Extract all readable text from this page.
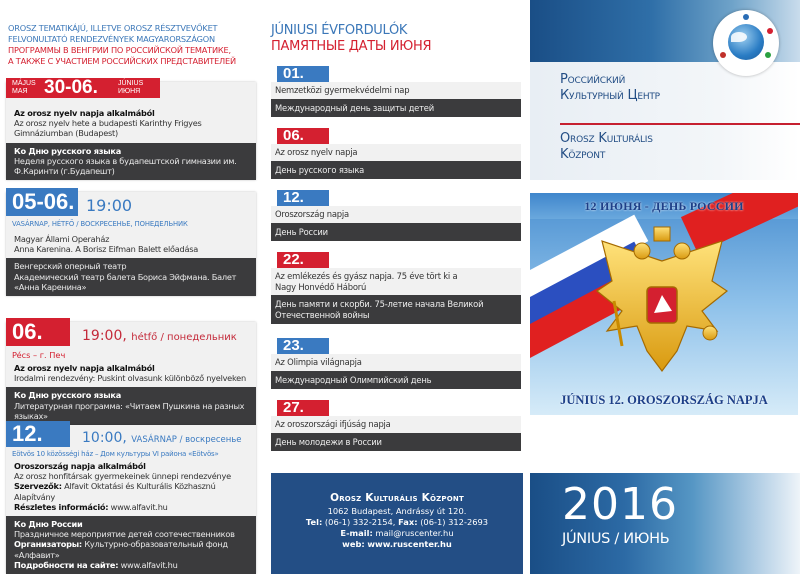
OROSZ TEMATIKÁJÚ, ILLETVE OROSZ RÉSZTVEVŐKET
FELVONULTATÓ RENDEZVÉNYEK MAGYARORSZÁGON
ПРОГРАММЫ В ВЕНГРИИ ПО РОССИЙСКОЙ ТЕМАТИКЕ,
А ТАКЖЕ С УЧАСТИЕМ РОССИЙСКИХ ПРЕДСТАВИТЕЛЕЙ
MÁJUS
МАЯ 30-06.	JÚNIUS
ИЮНЯ
Az orosz nyelv napja alkalmából
Az orosz nyelv hete a budapesti Karinthy Frigyes Gimnáziumban (Budapest)
Ко Дню русского языка
Неделя русского языка в будапештской гимназии им. Ф.Каринти (г.Будапешт)
05-06. 19:00
VASÁRNAP, HÉTFŐ / ВОСКРЕСЕНЬЕ, ПОНЕДЕЛЬНИК
Magyar Állami Operaház
Anna Karenina. A Borisz Eifman Balett előadása
Венгерский оперный театр
Академический театр балета Бориса Эйфмана. Балет «Анна Каренина»
06.	19:00, hétfő / понедельник
Pécs – г. Печ
Az orosz nyelv napja alkalmából
Irodalmi rendezvény: Puskint olvasunk különböző nyelveken
Ко Дню русского языка
Литературная программа: «Читаем Пушкина на разных языках»
12.	10:00, VASÁRNAP / воскресенье
Eötvös 10 közösségi ház – Дом культуры VI района «Eötvös»
Oroszország napja alkalmából
Az orosz honfitársak gyermekeinek ünnepi rendezvénye
Szervezők: Alfavit Oktatási és Kulturális Közhasznú Alapítvány
Részletes információ: www.alfavit.hu
Ко Дню России
Праздничное мероприятие детей соотечественников
Организаторы: Культурно-образовательный фонд «Алфавит»
Подробности на сайте: www.alfavit.hu
JÚNIUSI ÉVFORDULÓK
ПАМЯТНЫЕ ДАТЫ ИЮНЯ
01.
Nemzetközi gyermekvédelmi nap
Международный день защиты детей
06.
Az orosz nyelv napja
День русского языка
12.
Oroszország napja
День России
22.
Az emlékezés és gyász napja. 75 éve tört ki a Nagy Honvédő Háború
День памяти и скорби. 75-летие начала Великой Отечественной войны
23.
Az Olimpia világnapja
Международный Олимпийский день
27.
Az oroszországi ifjúság napja
День молодежи в России
Orosz Kulturális Központ
1062 Budapest, Andrássy út 120.
Tel: (06-1) 332-2154, Fax: (06-1) 312-2693
E-mail: mail@ruscenter.hu
web: www.ruscenter.hu
Российский
Культурный Центр
Orosz Kulturális
Központ
12 ИЮНЯ - ДЕНЬ РОССИИ
JÚNIUS 12. OROSZORSZÁG NAPJA
2016
JÚNIUS / ИЮНЬ
